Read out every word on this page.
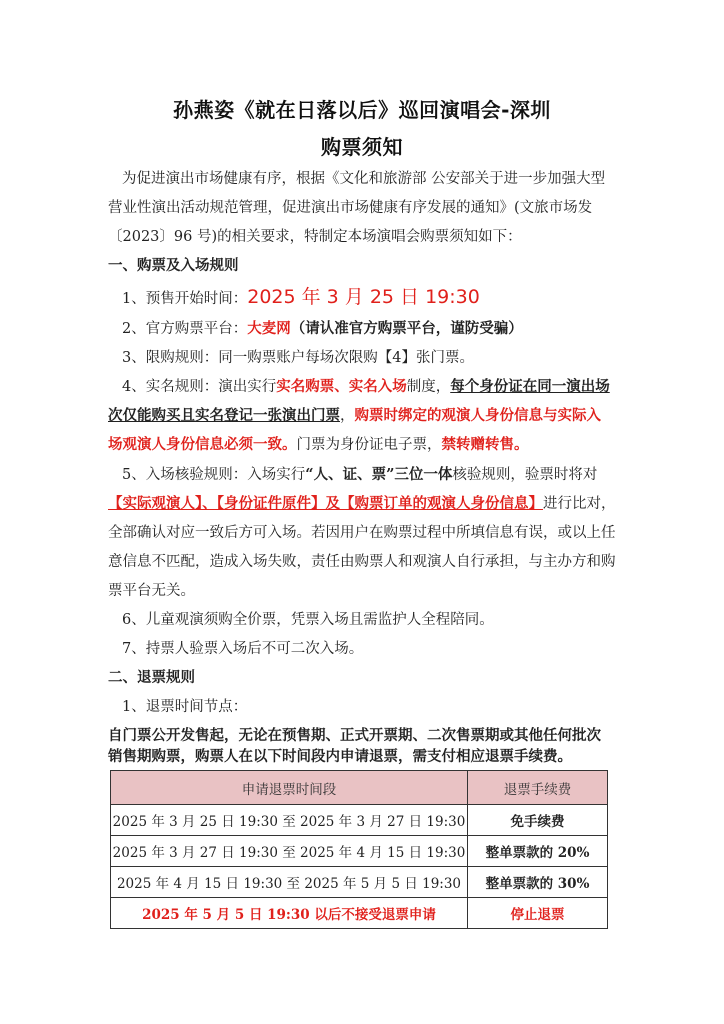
孙燕姿《就在日落以后》巡回演唱会-深圳
购票须知
为促进演出市场健康有序，根据《文化和旅游部 公安部关于进一步加强大型
营业性演出活动规范管理，促进演出市场健康有序发展的通知》(文旅市场发
〔2023〕96 号)的相关要求，特制定本场演唱会购票须知如下：
一、购票及入场规则
1、预售开始时间：2025 年 3 月 25 日 19:30
2、官方购票平台：大麦网（请认准官方购票平台，谨防受骗）
3、限购规则：同一购票账户每场次限购【4】张门票。
4、实名规则：演出实行实名购票、实名入场制度，每个身份证在同一演出场
次仅能购买且实名登记一张演出门票，购票时绑定的观演人身份信息与实际入
场观演人身份信息必须一致。门票为身份证电子票，禁转赠转售。
5、入场核验规则：入场实行“人、证、票”三位一体核验规则，验票时将对
【实际观演人】、【身份证件原件】及【购票订单的观演人身份信息】进行比对，
全部确认对应一致后方可入场。若因用户在购票过程中所填信息有误，或以上任
意信息不匹配，造成入场失败，责任由购票人和观演人自行承担，与主办方和购
票平台无关。
6、儿童观演须购全价票，凭票入场且需监护人全程陪同。
7、持票人验票入场后不可二次入场。
二、退票规则
1、退票时间节点：
自门票公开发售起，无论在预售期、正式开票期、二次售票期或其他任何批次
销售期购票，购票人在以下时间段内申请退票，需支付相应退票手续费。
申请退票时间段	退票手续费
2025 年 3 月 25 日 19:30 至 2025 年 3 月 27 日 19:30	免手续费
2025 年 3 月 27 日 19:30 至 2025 年 4 月 15 日 19:30	整单票款的 20%
2025 年 4 月 15 日 19:30 至 2025 年 5 月 5 日 19:30	整单票款的 30%
2025 年 5 月 5 日 19:30 以后不接受退票申请	停止退票
